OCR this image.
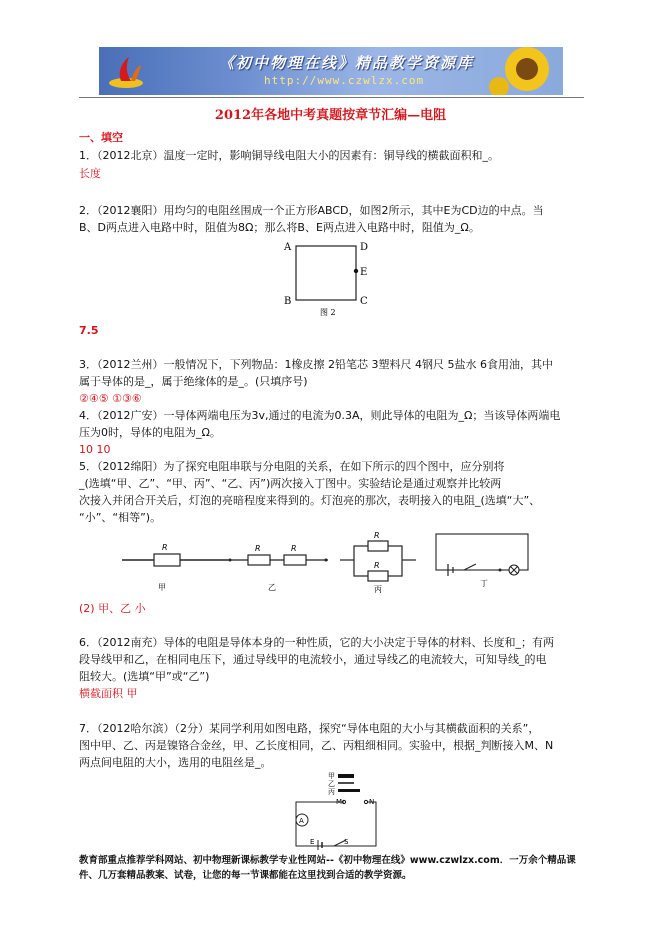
《初中物理在线》精品教学资源库
http://www.czwlzx.com
2012年各地中考真题按章节汇编—电阻
一、填空
1．（2012北京）温度一定时，影响铜导线电阻大小的因素有：铜导线的横截面积和_。
长度
2．（2012襄阳）用均匀的电阻丝围成一个正方形ABCD，如图2所示，其中E为CD边的中点。当
B、D两点进入电路中时，阻值为8Ω；那么将B、E两点进入电路中时，阻值为_Ω。
A
B	C
D
E
图 2
7.5
3．（2012兰州）一般情况下，下列物品：1橡皮擦 2铅笔芯 3塑料尺 4钢尺 5盐水 6食用油，其中
属于导体的是_，属于绝缘体的是_。(只填序号)
②④⑤ ①③⑥
4．（2012广安）一导体两端电压为3v,通过的电流为0.3A，则此导体的电阻为_Ω；当该导体两端电
压为0时，导体的电阻为_Ω。
10 10
5．（2012绵阳）为了探究电阻串联与分电阻的关系，在如下所示的四个图中，应分别将
_(选填“甲、乙”、“甲、丙”、“乙、丙”)两次接入丁图中。实验结论是通过观察并比较两
次接入并闭合开关后，灯泡的亮暗程度来得到的。灯泡亮的那次，表明接入的电阻_(选填“大”、
“小”、“相等”)。
R
甲
R	R
乙
R
R
丙
丁
(2) 甲、乙 小
6．（2012南充）导体的电阻是导体本身的一种性质，它的大小决定于导体的材料、长度和_；有两
段导线甲和乙，在相同电压下，通过导线甲的电流较小，通过导线乙的电流较大，可知导线_的电
阻较大。(选填“甲”或“乙”)
横截面积 甲
7．（2012哈尔滨）（2分）某同学利用如图电路，探究“导体电阻的大小与其横截面积的关系”，
图中甲、乙、丙是镍铬合金丝，甲、乙长度相同，乙、丙粗细相同。实验中，根据_判断接入M、N
两点间电阻的大小，选用的电阻丝是_。
甲
乙
丙
M	N
A
E	S
教育部重点推荐学科网站、初中物理新课标教学专业性网站--《初中物理在线》www.czwlzx.com．一万余个精品课
件、几万套精品教案、试卷，让您的每一节课都能在这里找到合适的教学资源。
